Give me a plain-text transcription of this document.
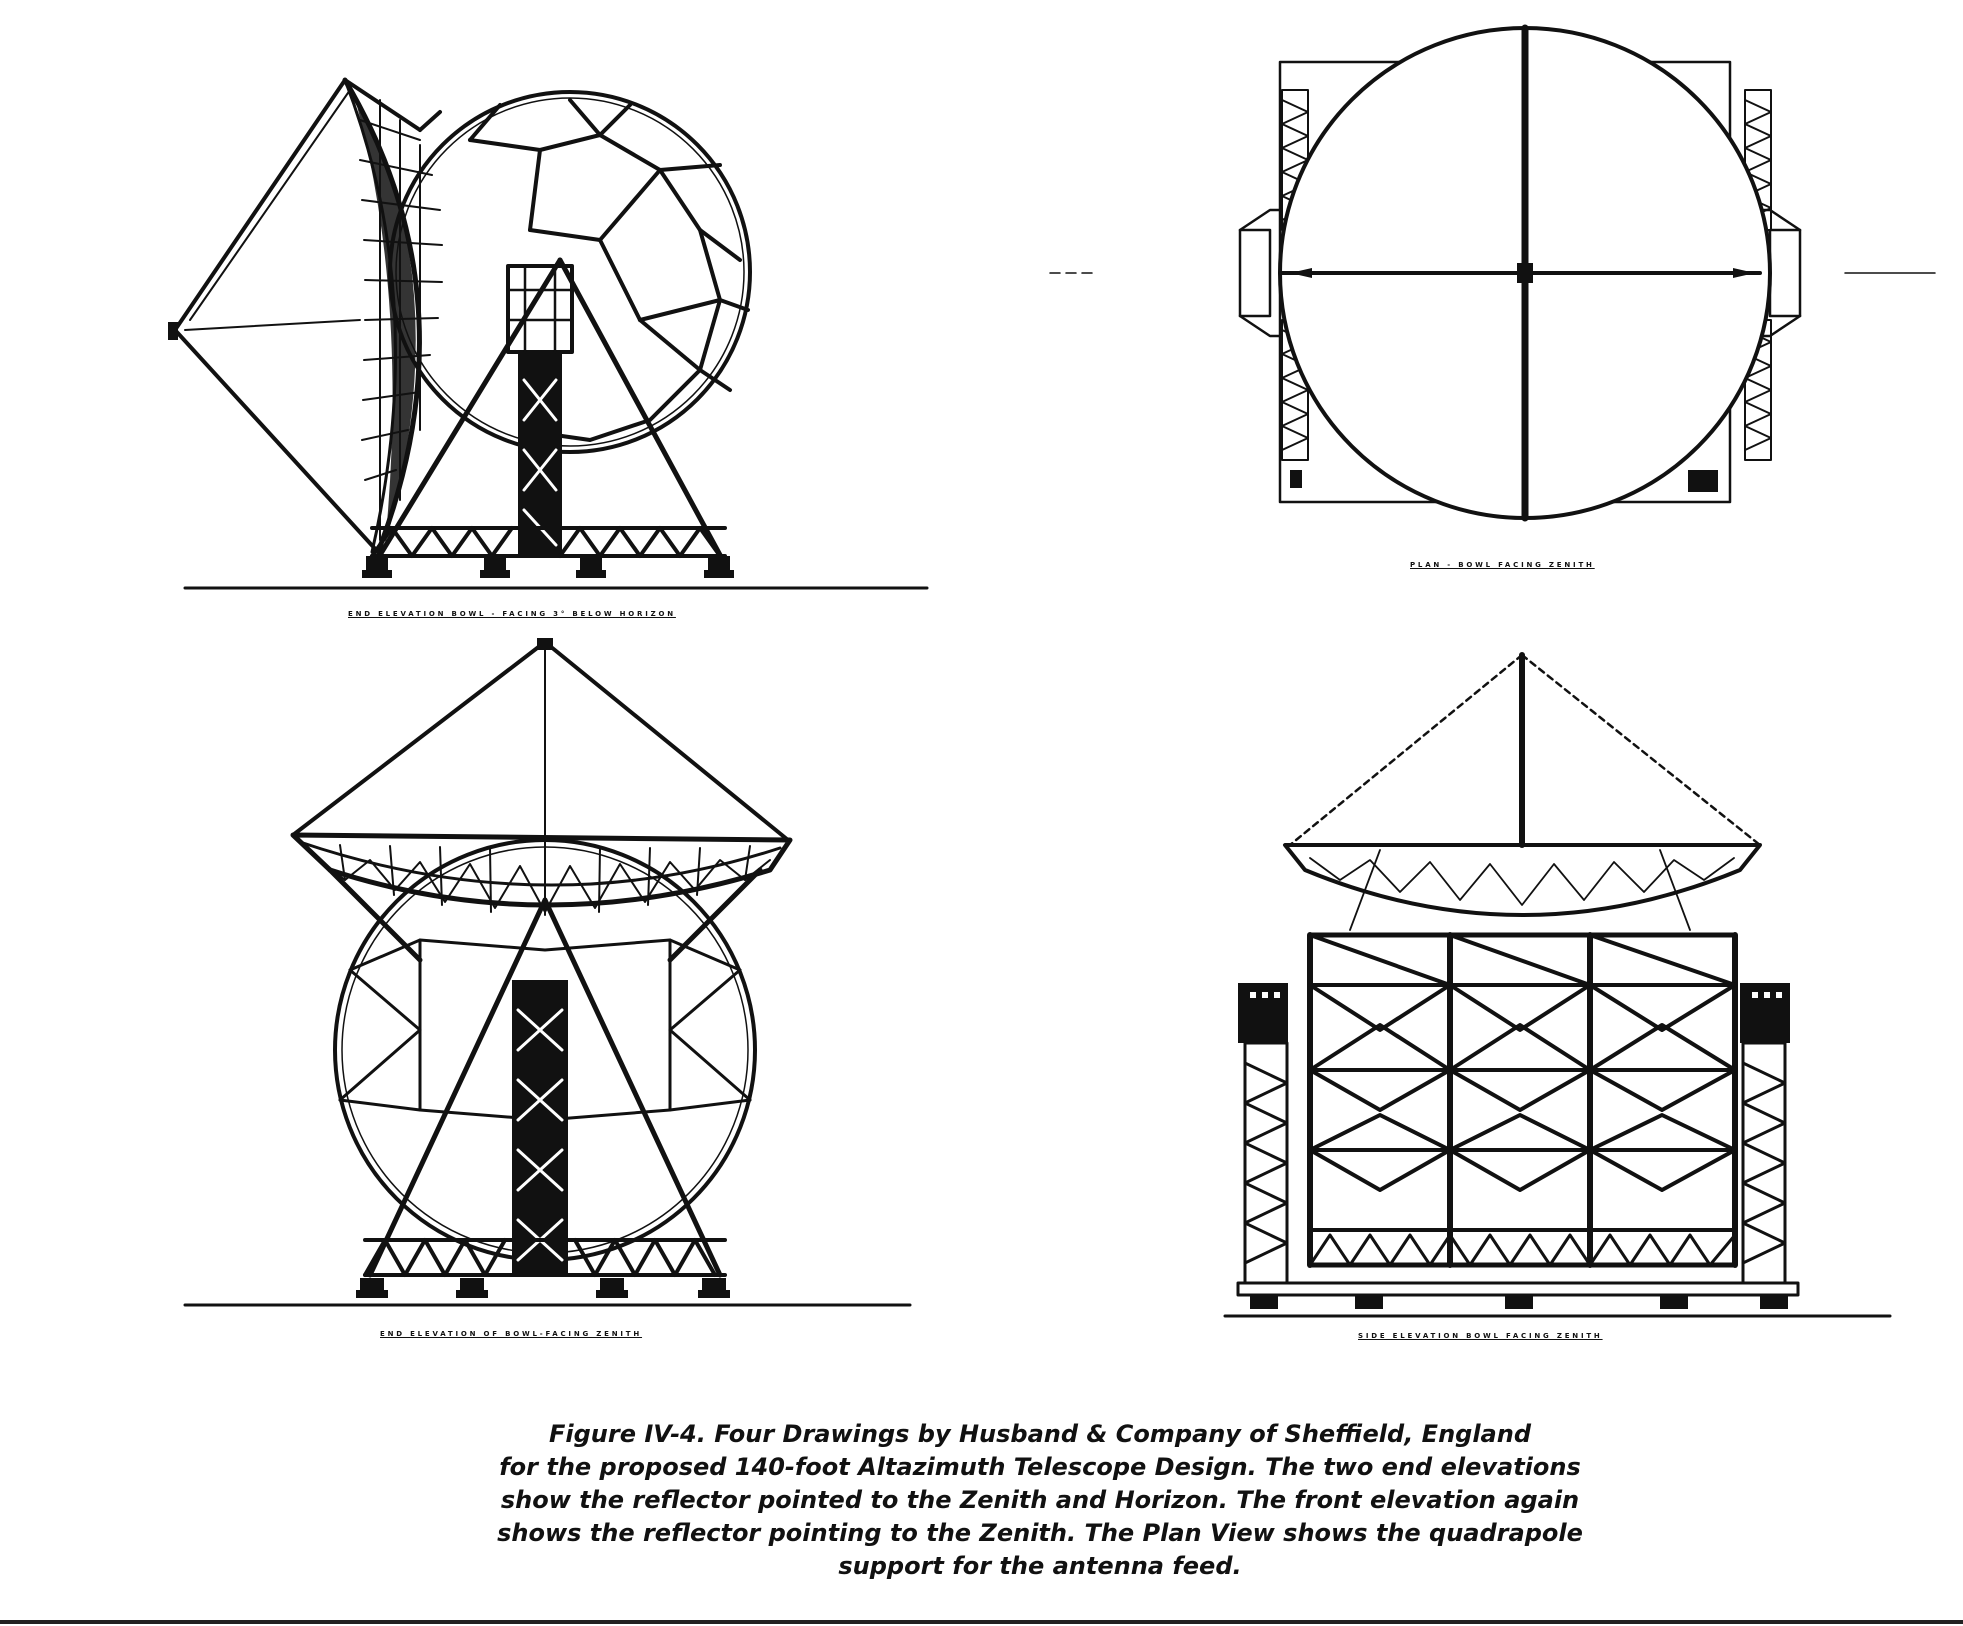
END ELEVATION BOWL - FACING 3° BELOW HORIZON
PLAN - BOWL FACING ZENITH
END ELEVATION OF BOWL-FACING ZENITH	SIDE ELEVATION BOWL FACING ZENITH
Figure IV-4. Four Drawings by Husband & Company of Sheffield, England
for the proposed 140-foot Altazimuth Telescope Design. The two end elevations
show the reflector pointed to the Zenith and Horizon. The front elevation again
shows the reflector pointing to the Zenith. The Plan View shows the quadrapole
support for the antenna feed.
